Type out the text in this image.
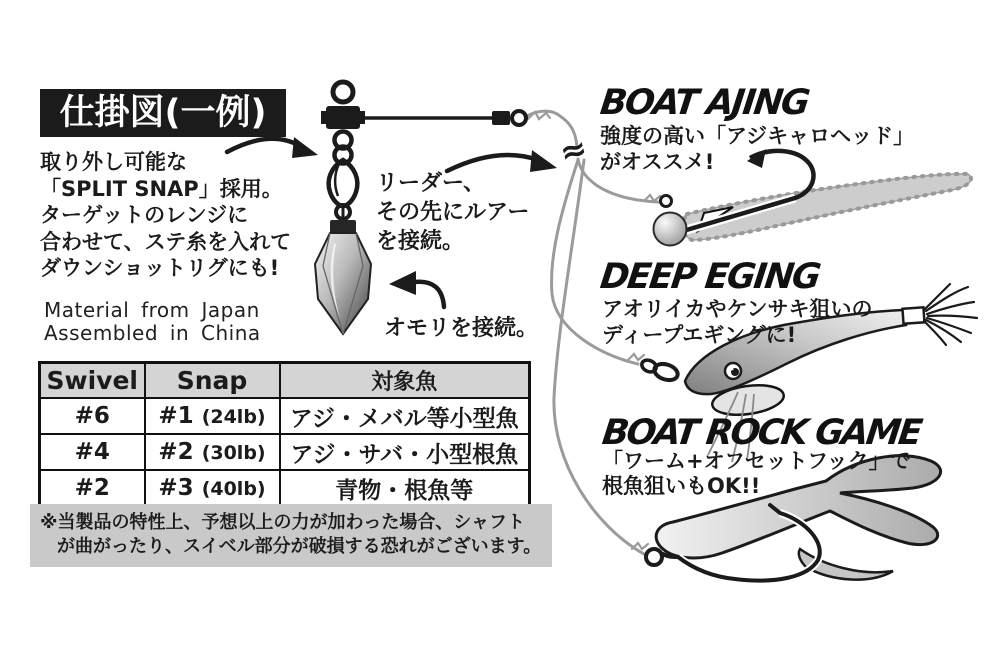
仕掛図(一例)
取り外し可能な
「SPLIT SNAP」採用。
ターゲットのレンジに
合わせて、ステ糸を入れて
ダウンショットリグにも!
Material from Japan
Assembled in China
Swivel	Snap	対象魚
#6	#1 (24lb)	アジ・メバル等小型魚
#4	#2 (30lb)	アジ・サバ・小型根魚
#2	#3 (40lb)	青物・根魚等
※当製品の特性上、予想以上の力が加わった場合、シャフト
が曲がったり、スイベル部分が破損する恐れがございます。
リーダー、
その先にルアー
を接続。
オモリを接続。
≈
BOAT AJING
強度の高い「アジキャロヘッド」
がオススメ!
DEEP EGING
アオリイカやケンサキ狙いの
ディープエギングに!
BOAT ROCK GAME
「ワーム+オフセットフック」で
根魚狙いもOK!!
